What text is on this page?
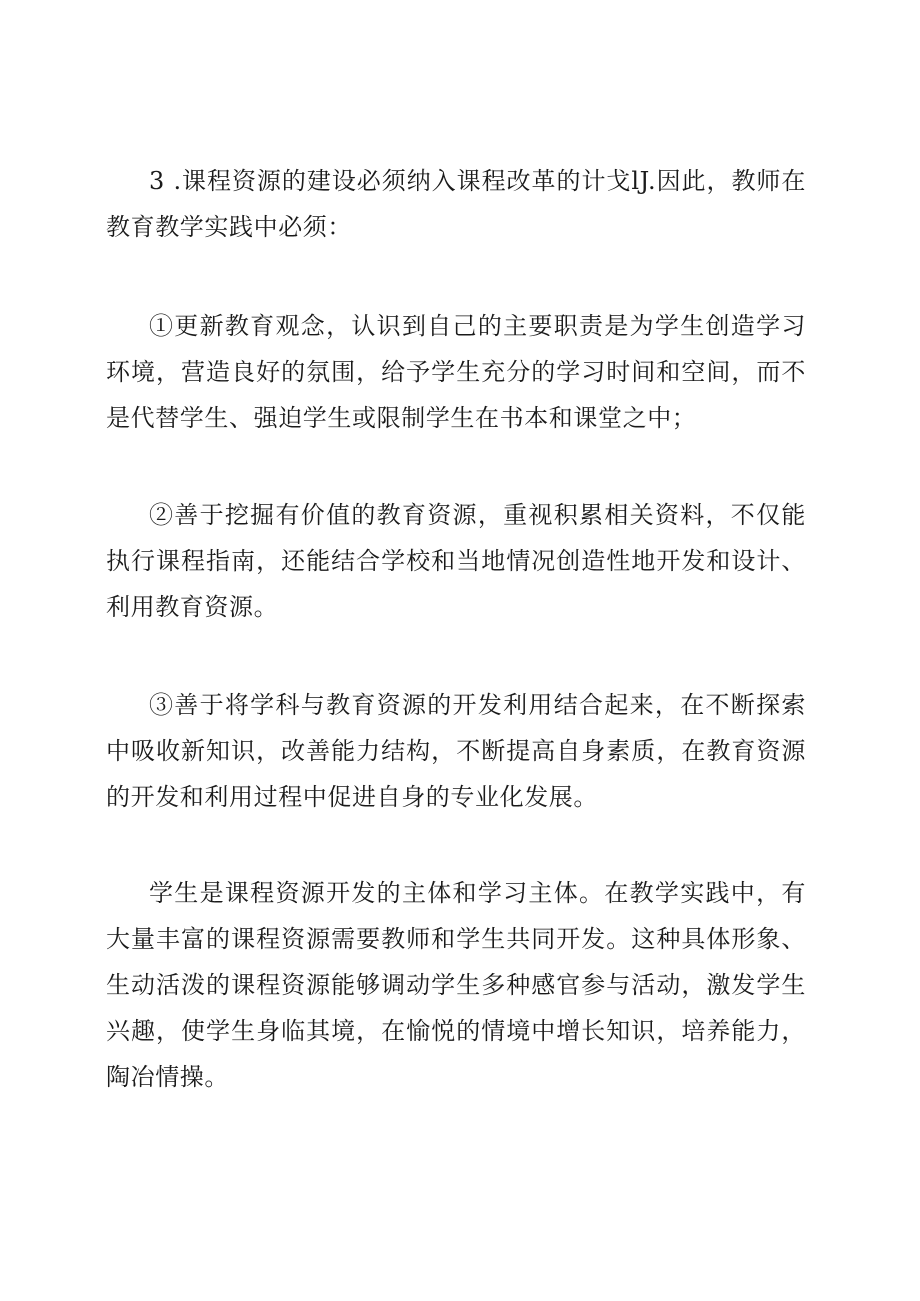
3 .课程资源的建设必须纳入课程改革的计戈lJ.因此，教师在教育教学实践中必须：

①更新教育观念，认识到自己的主要职责是为学生创造学习环境，营造良好的氛围，给予学生充分的学习时间和空间，而不是代替学生、强迫学生或限制学生在书本和课堂之中；

②善于挖掘有价值的教育资源，重视积累相关资料，不仅能执行课程指南，还能结合学校和当地情况创造性地开发和设计、利用教育资源。

③善于将学科与教育资源的开发利用结合起来，在不断探索中吸收新知识，改善能力结构，不断提高自身素质，在教育资源的开发和利用过程中促进自身的专业化发展。

学生是课程资源开发的主体和学习主体。在教学实践中，有大量丰富的课程资源需要教师和学生共同开发。这种具体形象、生动活泼的课程资源能够调动学生多种感官参与活动，激发学生兴趣，使学生身临其境，在愉悦的情境中增长知识，培养能力，陶冶情操。
